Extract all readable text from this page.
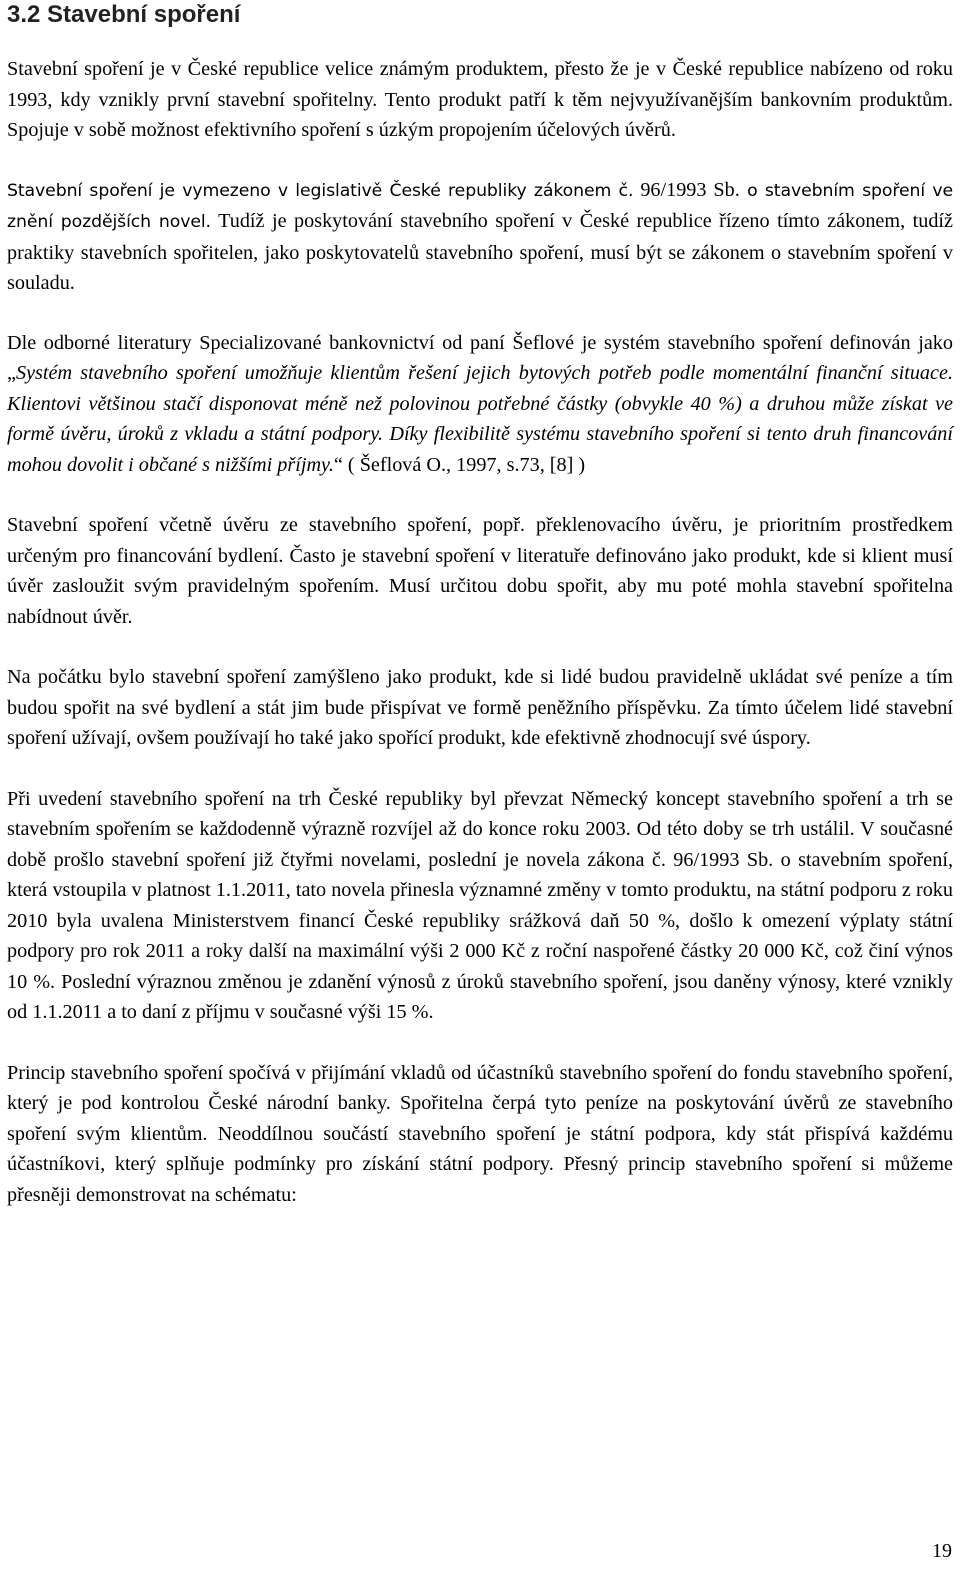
3.2 Stavební spoření

Stavební spoření je v České republice velice známým produktem, přesto že je v České republice nabízeno od roku 1993, kdy vznikly první stavební spořitelny. Tento produkt patří k těm nejvyužívanějším bankovním produktům. Spojuje v sobě možnost efektivního spoření s úzkým propojením účelových úvěrů.

Stavební spoření je vymezeno v legislativě České republiky zákonem č. 96/1993 Sb. o stavebním spoření ve znění pozdějších novel. Tudíž je poskytování stavebního spoření v České republice řízeno tímto zákonem, tudíž praktiky stavebních spořitelen, jako poskytovatelů stavebního spoření, musí být se zákonem o stavebním spoření v souladu.

Dle odborné literatury Specializované bankovnictví od paní Šeflové je systém stavebního spoření definován jako „Systém stavebního spoření umožňuje klientům řešení jejich bytových potřeb podle momentální finanční situace. Klientovi většinou stačí disponovat méně než polovinou potřebné částky (obvykle 40 %) a druhou může získat ve formě úvěru, úroků z vkladu a státní podpory. Díky flexibilitě systému stavebního spoření si tento druh financování mohou dovolit i občané s nižšími příjmy.“ ( Šeflová O., 1997, s.73, [8] )

Stavební spoření včetně úvěru ze stavebního spoření, popř. překlenovacího úvěru, je prioritním prostředkem určeným pro financování bydlení. Často je stavební spoření v literatuře definováno jako produkt, kde si klient musí úvěr zasloužit svým pravidelným spořením. Musí určitou dobu spořit, aby mu poté mohla stavební spořitelna nabídnout úvěr.

Na počátku bylo stavební spoření zamýšleno jako produkt, kde si lidé budou pravidelně ukládat své peníze a tím budou spořit na své bydlení a stát jim bude přispívat ve formě peněžního příspěvku. Za tímto účelem lidé stavební spoření užívají, ovšem používají ho také jako spořící produkt, kde efektivně zhodnocují své úspory.

Při uvedení stavebního spoření na trh České republiky byl převzat Německý koncept stavebního spoření a trh se stavebním spořením se každodenně výrazně rozvíjel až do konce roku 2003. Od této doby se trh ustálil. V současné době prošlo stavební spoření již čtyřmi novelami, poslední je novela zákona č. 96/1993 Sb. o stavebním spoření, která vstoupila v platnost 1.1.2011, tato novela přinesla významné změny v tomto produktu, na státní podporu z roku 2010 byla uvalena Ministerstvem financí České republiky srážková daň 50 %, došlo k omezení výplaty státní podpory pro rok 2011 a roky další na maximální výši 2 000 Kč z roční naspořené částky 20 000 Kč, což činí výnos 10 %. Poslední výraznou změnou je zdanění výnosů z úroků stavebního spoření, jsou daněny výnosy, které vznikly od 1.1.2011 a to daní z příjmu v současné výši 15 %.

Princip stavebního spoření spočívá v přijímání vkladů od účastníků stavebního spoření do fondu stavebního spoření, který je pod kontrolou České národní banky. Spořitelna čerpá tyto peníze na poskytování úvěrů ze stavebního spoření svým klientům. Neoddílnou součástí stavebního spoření je státní podpora, kdy stát přispívá každému účastníkovi, který splňuje podmínky pro získání státní podpory. Přesný princip stavebního spoření si můžeme přesněji demonstrovat na schématu:

19
